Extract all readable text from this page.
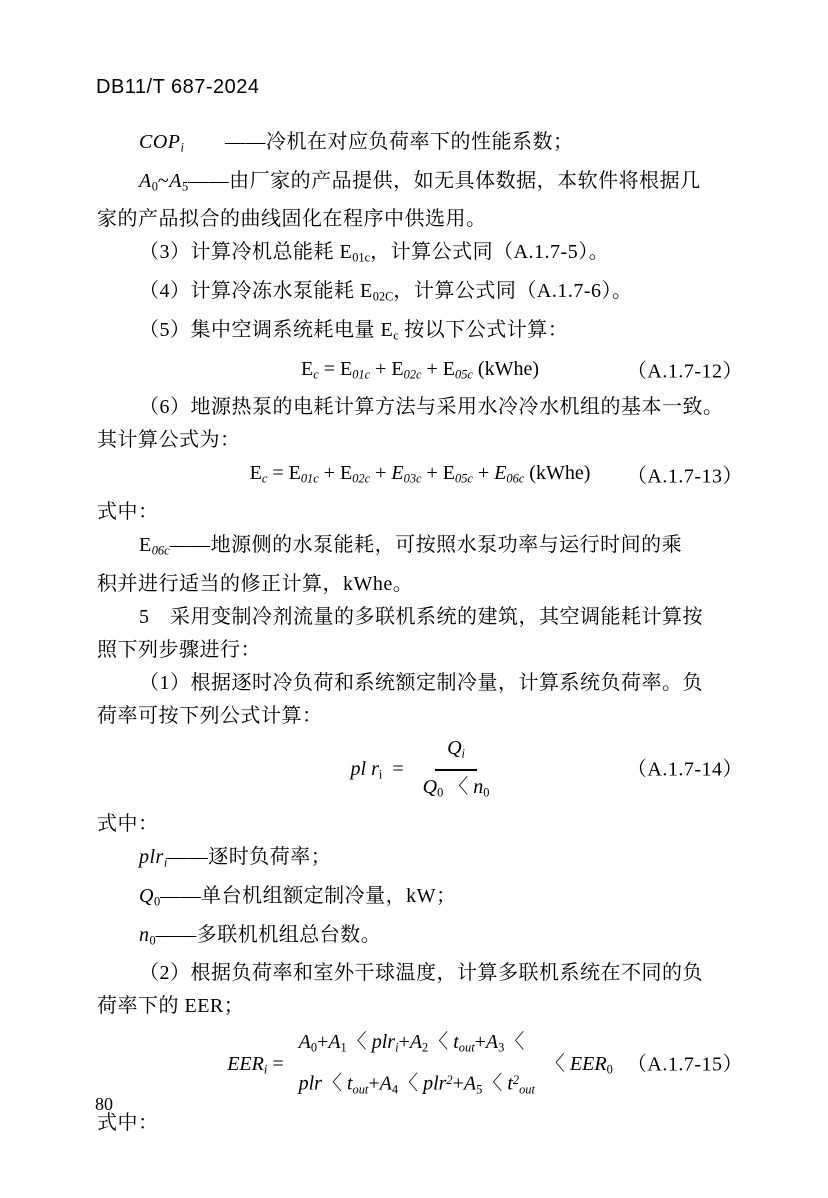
DB11/T 687-2024

$COP_i$　　——冷机在对应负荷率下的性能系数；

$A_0\sim A_5——$由厂家的产品提供，如无具体数据，本软件将根据几

家的产品拟合的曲线固化在程序中供选用。

（3）计算冷机总能耗 $E_{01c}$，计算公式同（A.1.7-5）。

（4）计算冷冻水泵能耗 $E_{02C}$，计算公式同（A.1.7-6）。

（5）集中空调系统耗电量 $E_c$ 按以下公式计算：

$E_c = E_{01c} + E_{02c} + E_{05c}$ (kWhe)	（A.1.7-12）

（6）地源热泵的电耗计算方法与采用水冷冷水机组的基本一致。

其计算公式为：

$E_c = E_{01c} + E_{02c} + E_{03c} + E_{05c} + E_{06c}$ (kWhe) （A.1.7-13）

式中：

$E_{06c}——$地源侧的水泵能耗，可按照水泵功率与运行时间的乘

积并进行适当的修正计算，kWhe。

5　采用变制冷剂流量的多联机系统的建筑，其空调能耗计算按

照下列步骤进行：

（1）根据逐时冷负荷和系统额定制冷量，计算系统负荷率。负

荷率可按下列公式计算：

pl $r_i = \frac{Q_i}{Q_0 〈 n_0}$	（A.1.7-14）

式中：

plr$_i$——逐时负荷率；

$Q_0——$单台机组额定制冷量，kW；

$n_0——$多联机机组总台数。

（2）根据负荷率和室外干球温度，计算多联机系统在不同的负

荷率下的 EER；

$EER_i$ =
$A_0+A_1$〈 $plr_i+A_2$〈 $t_{out}+A_3$〈
plr〈 $t_{out}+A_4$〈 $plr^2+A_5$〈 $t^2_{out}$
〈 $EER_0$ （A.1.7-15）

式中：

80
